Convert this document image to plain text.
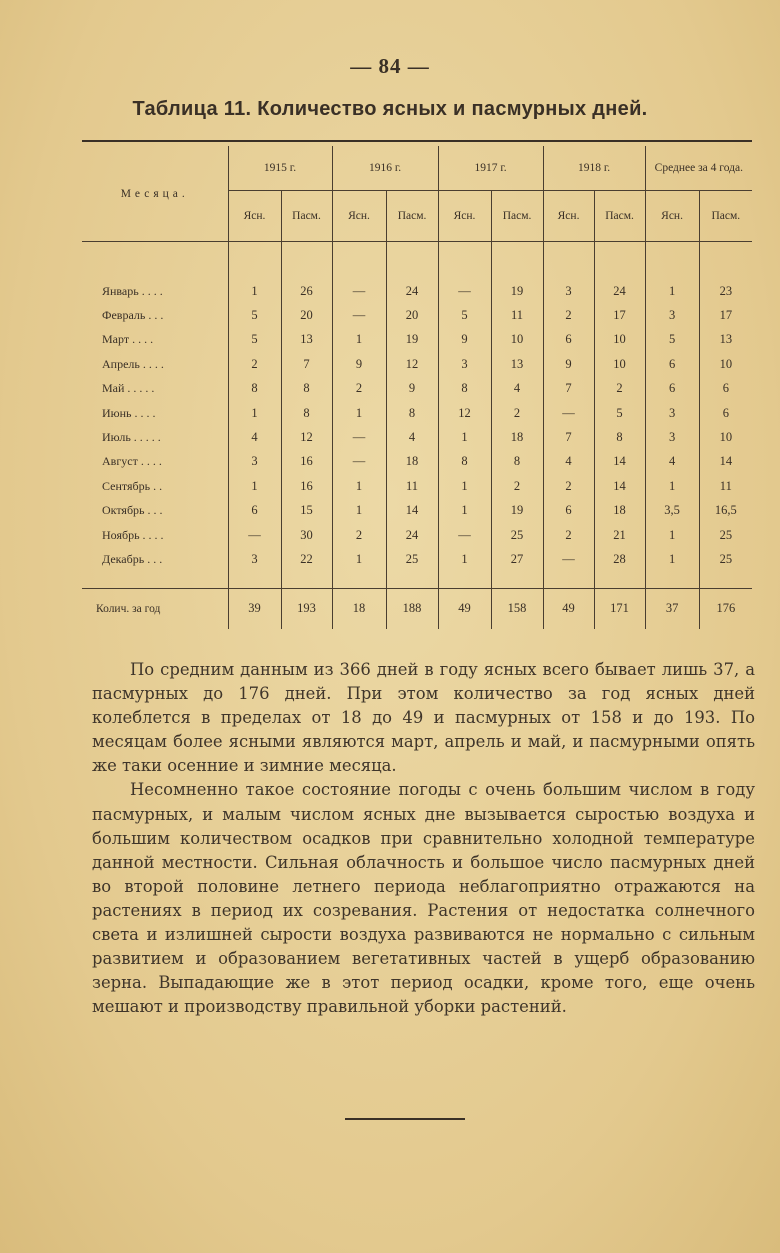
— 84 —
Таблица 11. Количество ясных и пасмурных дней.
Месяца.	1915 г.		1916 г.		1917 г.		1918 г.		Среднее за 4 года.	
	Ясн.	Пасм.	Ясн.	Пасм.	Ясн.	Пасм.	Ясн.	Пасм.	Ясн.	Пасм.

Январь . . . .	1	26	—	24	—	19	3	24	1	23
Февраль . . .	5	20	—	20	5	11	2	17	3	17
Март . . . .	5	13	1	19	9	10	6	10	5	13
Апрель . . . .	2	7	9	12	3	13	9	10	6	10
Май . . . . .	8	8	2	9	8	4	7	2	6	6
Июнь . . . .	1	8	1	8	12	2	—	5	3	6
Июль . . . . .	4	12	—	4	1	18	7	8	3	10
Август . . . .	3	16	—	18	8	8	4	14	4	14
Сентябрь . .	1	16	1	11	1	2	2	14	1	11
Октябрь . . .	6	15	1	14	1	19	6	18	3,5	16,5
Ноябрь . . . .	—	30	2	24	—	25	2	21	1	25
Декабрь . . .	3	22	1	25	1	27	—	28	1	25

Колич. за год	39	193	18	188	49	158	49	171	37	176

По средним данным из 366 дней в году ясных всего бывает лишь 37, а пасмурных до 176 дней. При этом количество за год ясных дней колеблется в пределах от 18 до 49 и пасмурных от 158 и до 193. По месяцам более ясными являются март, апрель и май, и пасмурными опять же таки осенние и зимние месяца.

Несомненно такое состояние погоды с очень большим числом в году пасмурных, и малым числом ясных дне вызывается сыростью воздуха и большим количеством осадков при сравнительно холодной температуре данной местности. Сильная облачность и большое число пасмурных дней во второй половине летнего периода неблагоприятно отражаются на растениях в период их созревания. Растения от недостатка солнечного света и излишней сырости воздуха развиваются не нормально с сильным развитием и образованием вегетативных частей в ущерб образованию зерна. Выпадающие же в этот период осадки, кроме того, еще очень мешают и производству правильной уборки растений.
